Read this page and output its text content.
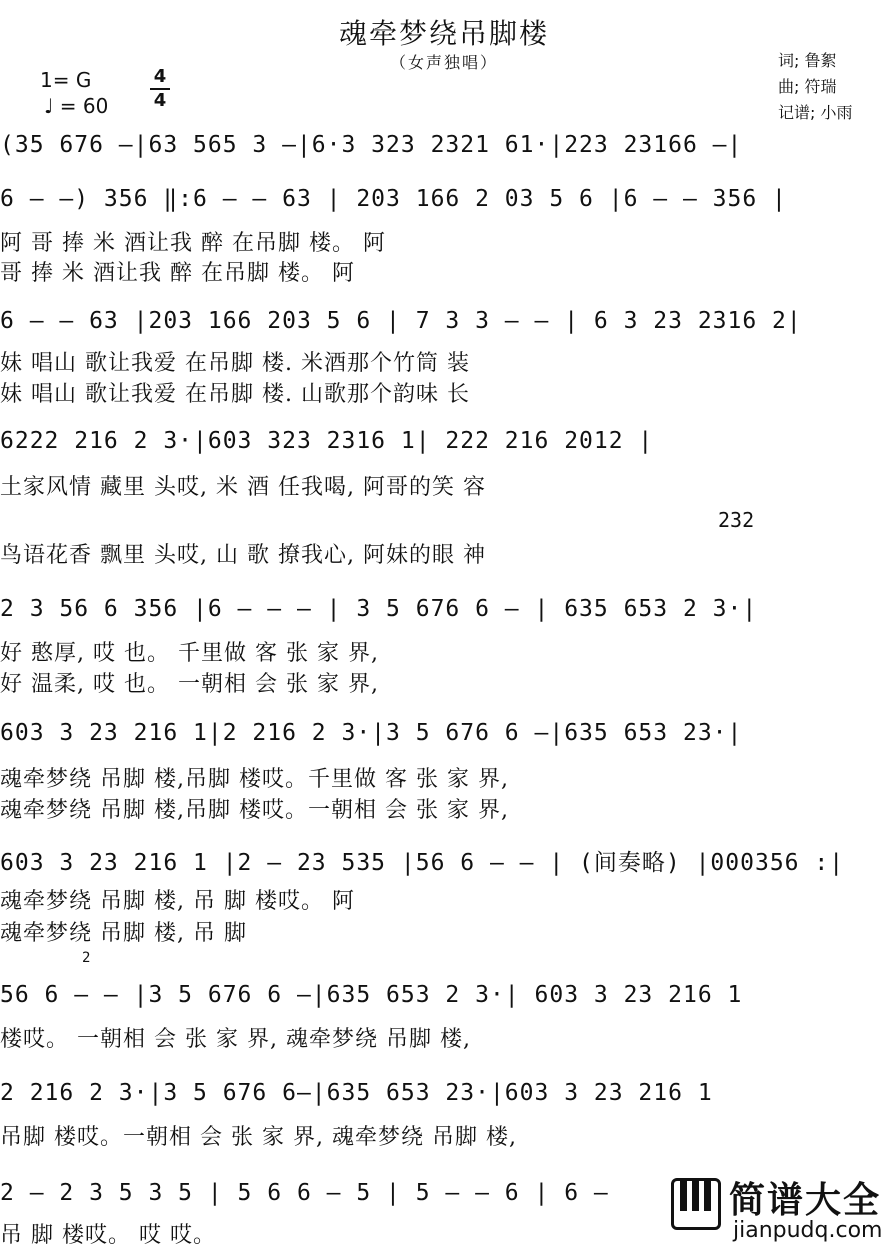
魂牵梦绕吊脚楼
（女声独唱）
1= G
♩ = 60
4
4
词; 鲁絮
曲; 符瑞
记谱; 小雨
(35 676 –|63 565 3 –|6·3 323 2321 61·|223 23166 –|
6 – –) 356 ‖:6 – – 63 | 203 166 2 03 5 6 |6 – – 356 |
阿 哥 捧 米 酒让我 醉 在吊脚 楼。 阿
哥 捧 米 酒让我 醉 在吊脚 楼。 阿
6 – – 63 |203 166 203 5 6 | 7 3 3 – – | 6 3 23 2316 2|
妹 唱山 歌让我爱 在吊脚 楼. 米酒那个竹筒 装
妹 唱山 歌让我爱 在吊脚 楼. 山歌那个韵味 长
6222 216 2 3·|603 323 2316 1| 222 216 2012 |
土家风情 藏里 头哎, 米 酒 任我喝, 阿哥的笑 容
232
鸟语花香 飘里 头哎, 山 歌 撩我心, 阿妹的眼 神
2 3 56 6 356 |6 – – – | 3 5 676 6 – | 635 653 2 3·|
好 憨厚, 哎 也。 千里做 客 张 家 界,
好 温柔, 哎 也。 一朝相 会 张 家 界,
603 3 23 216 1|2 216 2 3·|3 5 676 6 –|635 653 23·|
魂牵梦绕 吊脚 楼,吊脚 楼哎。千里做 客 张 家 界,
魂牵梦绕 吊脚 楼,吊脚 楼哎。一朝相 会 张 家 界,
603 3 23 216 1 |2 – 23 535 |56 6 – – | (间奏略) |000356 :|
魂牵梦绕 吊脚 楼, 吊 脚 楼哎。 阿
魂牵梦绕 吊脚 楼, 吊 脚
2
56 6 – – |3 5 676 6 –|635 653 2 3·| 603 3 23 216 1
楼哎。 一朝相 会 张 家 界, 魂牵梦绕 吊脚 楼,
2 216 2 3·|3 5 676 6–|635 653 23·|603 3 23 216 1
吊脚 楼哎。一朝相 会 张 家 界, 魂牵梦绕 吊脚 楼,
2 – 2 3 5 3 5 | 5 6 6 – 5 | 5 – – 6 | 6 –
吊 脚 楼哎。 哎 哎。
简谱大全
jianpudq.com
